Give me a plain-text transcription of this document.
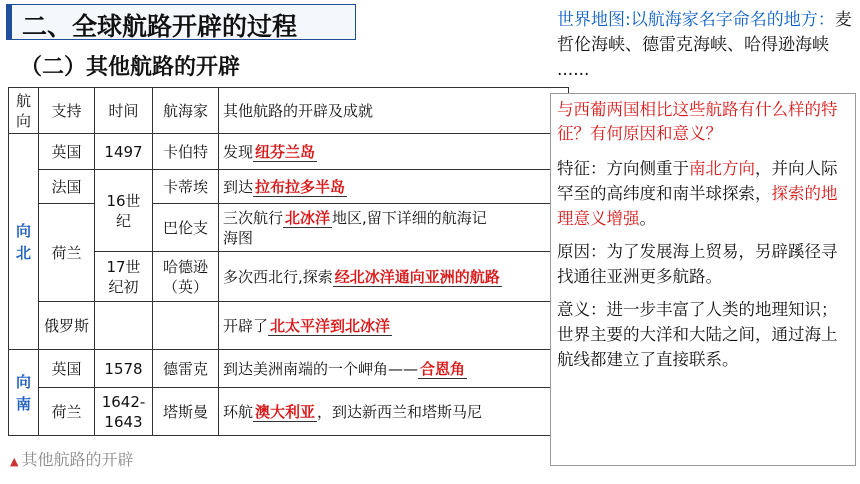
二、全球航路开辟的过程
（二）其他航路的开辟
世界地图:以航海家名字命名的地方：麦哲伦海峡、德雷克海峡、哈得逊海峡 ......
航向	支持	时间	航海家	其他航路的开辟及成就
向北	英国	1497	卡伯特	发现 纽芬兰岛
	法国	16世纪	卡蒂埃	到达 拉布拉多半岛
	荷兰		巴伦支	三次航行 北冰洋 地区,留下详细的航海记
海图
		17世纪初	哈德逊（英）	多次西北行,探索 经北冰洋通向亚洲的航路
	俄罗斯			开辟了 北太平洋到北冰洋
向南	英国	1578	德雷克	到达美洲南端的一个岬角—— 合恩角
	荷兰	1642-1643	塔斯曼	环航 澳大利亚 ，到达新西兰和塔斯马尼
▲ 其他航路的开辟
与西葡两国相比这些航路有什么样的特征？有何原因和意义？
特征：方向侧重于南北方向，并向人际罕至的高纬度和南半球探索，探索的地理意义增强。
原因：为了发展海上贸易，另辟蹊径寻找通往亚洲更多航路。
意义：进一步丰富了人类的地理知识；世界主要的大洋和大陆之间，通过海上航线都建立了直接联系。
